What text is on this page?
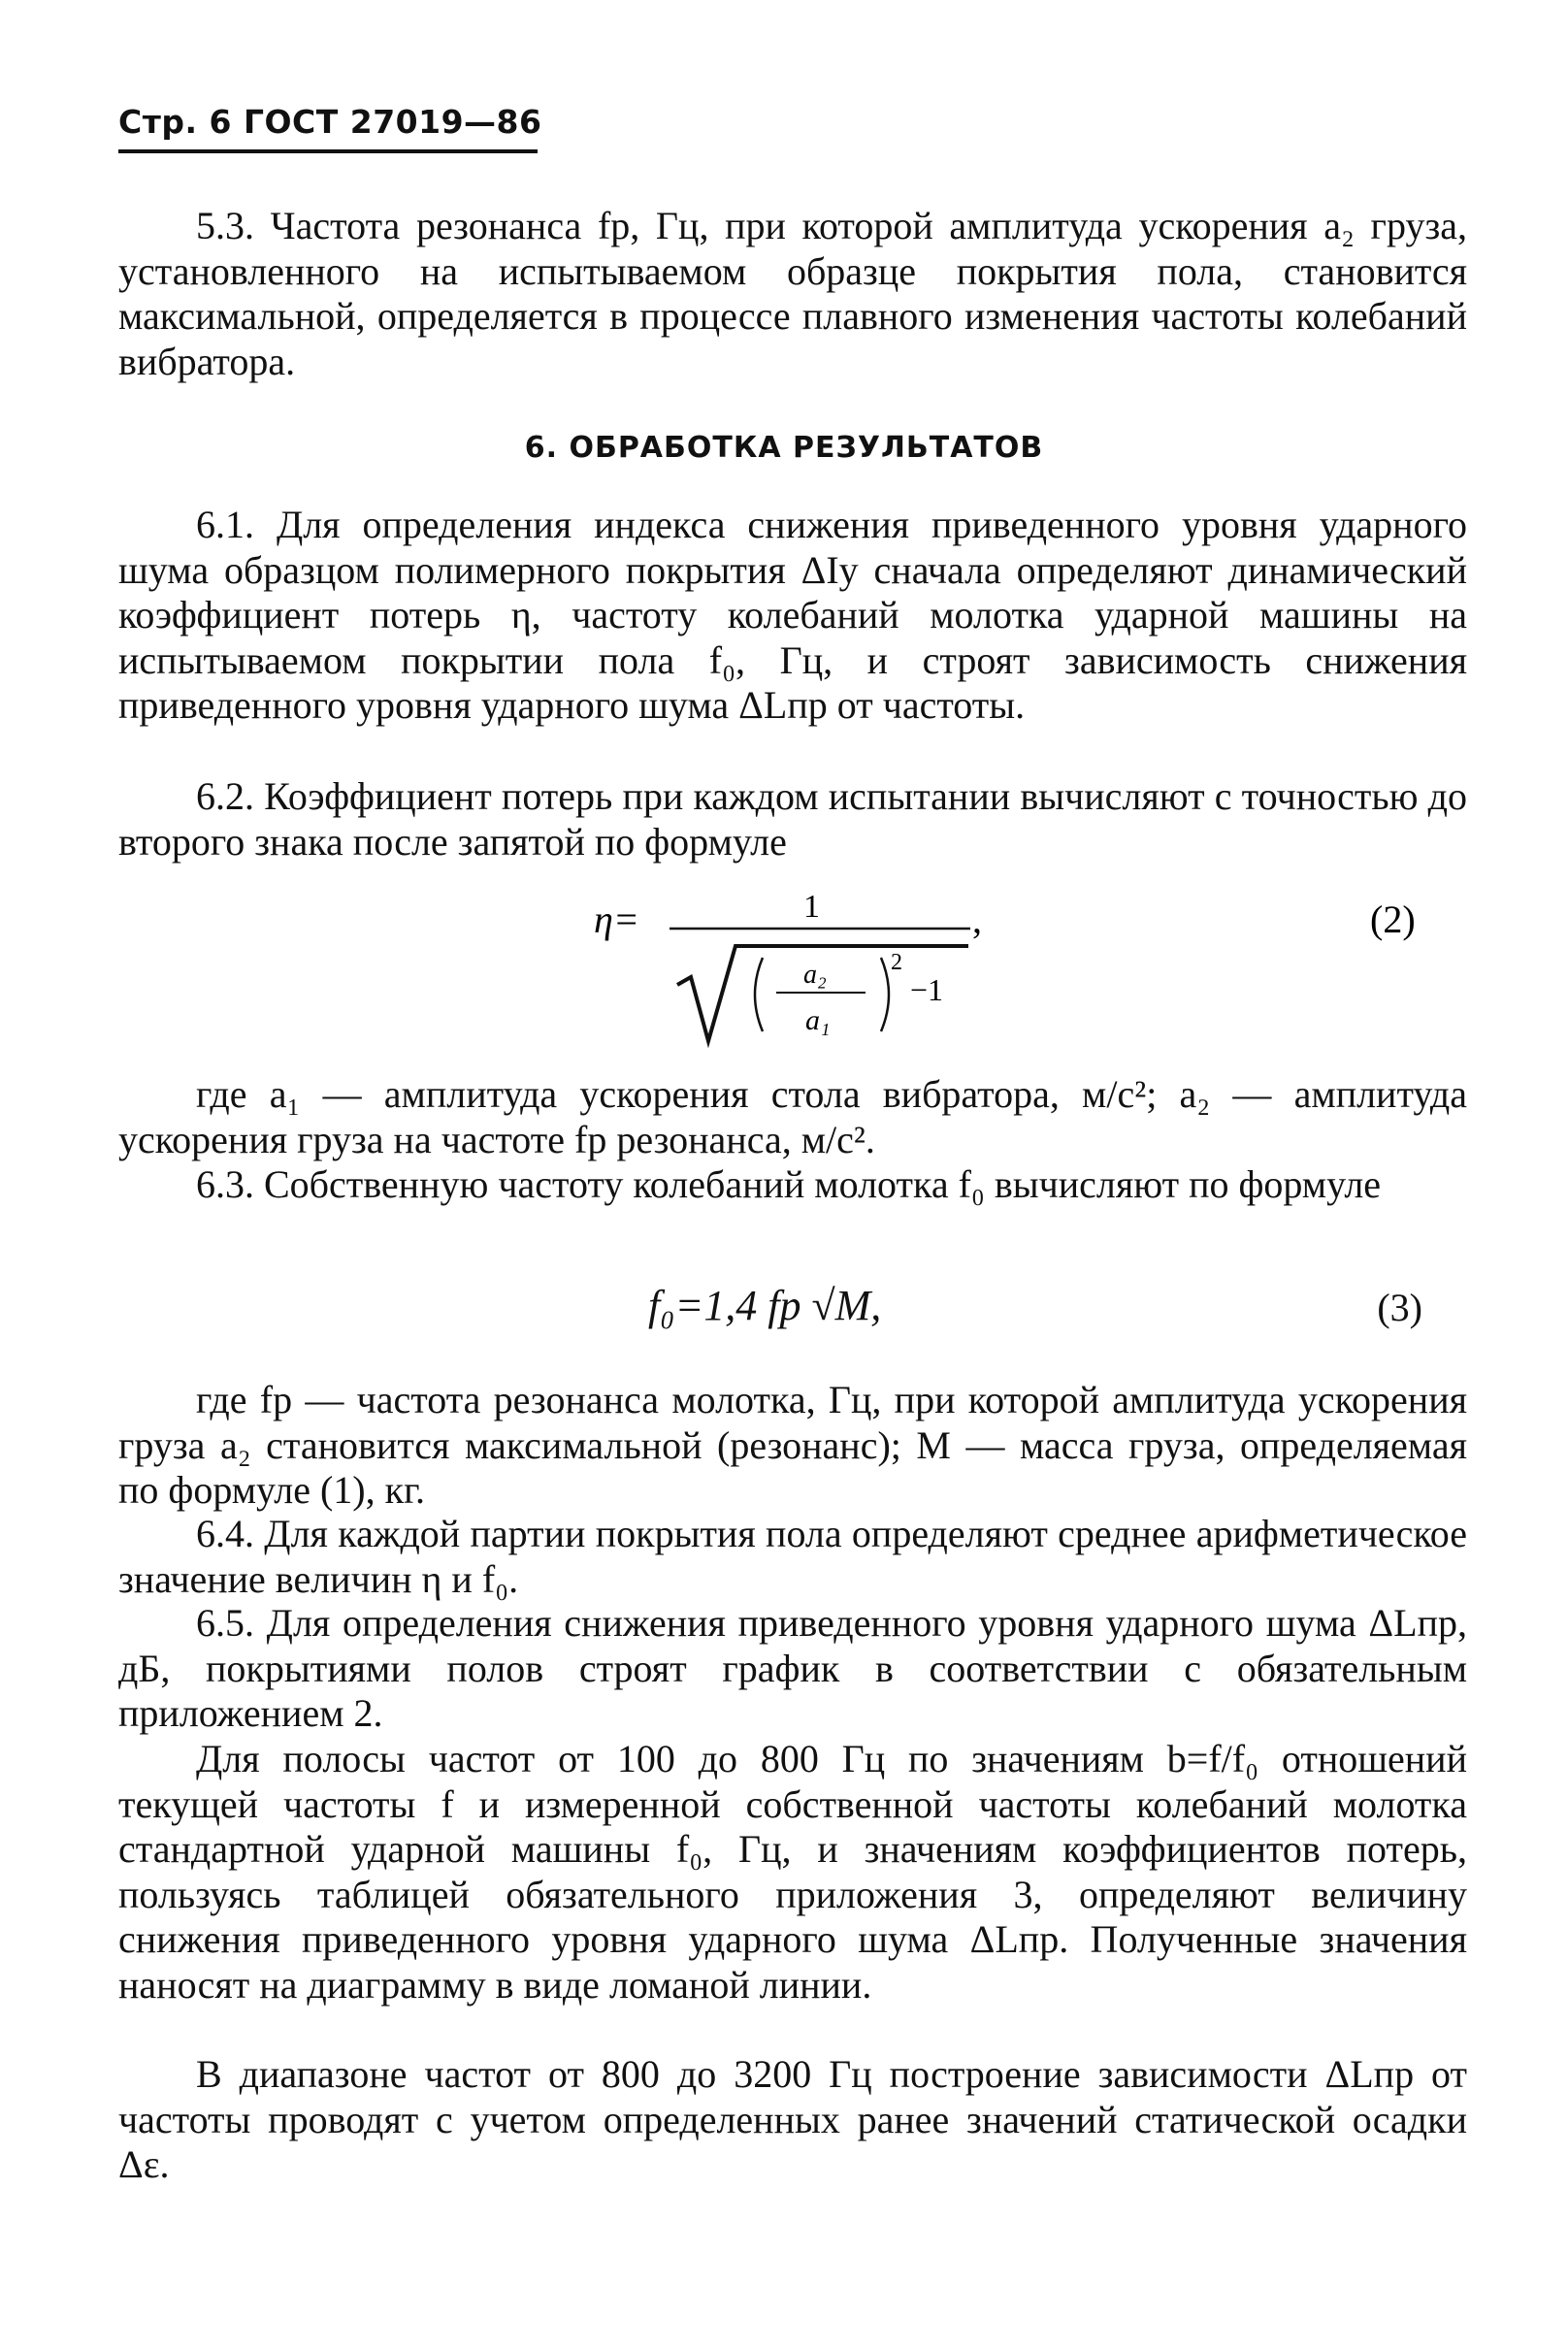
Стр. 6 ГОСТ 27019—86

5.3. Частота резонанса fр, Гц, при которой амплитуда ускорения a₂ груза, установленного на испытываемом образце покрытия пола, становится максимальной, определяется в процессе плавного изменения частоты колебаний вибратора.

6. ОБРАБОТКА РЕЗУЛЬТАТОВ

6.1. Для определения индекса снижения приведенного уровня ударного шума образцом полимерного покрытия ΔIу сначала определяют динамический коэффициент потерь η, частоту колебаний молотка ударной машины на испытываемом покрытии пола f₀, Гц, и строят зависимость снижения приведенного уровня ударного шума ΔLпр от частоты.

6.2. Коэффициент потерь при каждом испытании вычисляют с точностью до второго знака после запятой по формуле

η=	1	,
a₂
a₁
2
−1
(2)

где a₁ — амплитуда ускорения стола вибратора, м/с²; a₂ — амплитуда ускорения груза на частоте fр резонанса, м/с².

6.3. Собственную частоту колебаний молотка f₀ вычисляют по формуле

f₀=1,4 fр √M,	(3)

где fр — частота резонанса молотка, Гц, при которой амплитуда ускорения груза a₂ становится максимальной (резонанс); M — масса груза, определяемая по формуле (1), кг.

6.4. Для каждой партии покрытия пола определяют среднее арифметическое значение величин η и f₀.

6.5. Для определения снижения приведенного уровня ударного шума ΔLпр, дБ, покрытиями полов строят график в соответствии с обязательным приложением 2.

Для полосы частот от 100 до 800 Гц по значениям b=f/f₀ отношений текущей частоты f и измеренной собственной частоты колебаний молотка стандартной ударной машины f₀, Гц, и значениям коэффициентов потерь, пользуясь таблицей обязательного приложения 3, определяют величину снижения приведенного уровня ударного шума ΔLпр. Полученные значения наносят на диаграмму в виде ломаной линии.

В диапазоне частот от 800 до 3200 Гц построение зависимости ΔLпр от частоты проводят с учетом определенных ранее значений статической осадки Δε.
